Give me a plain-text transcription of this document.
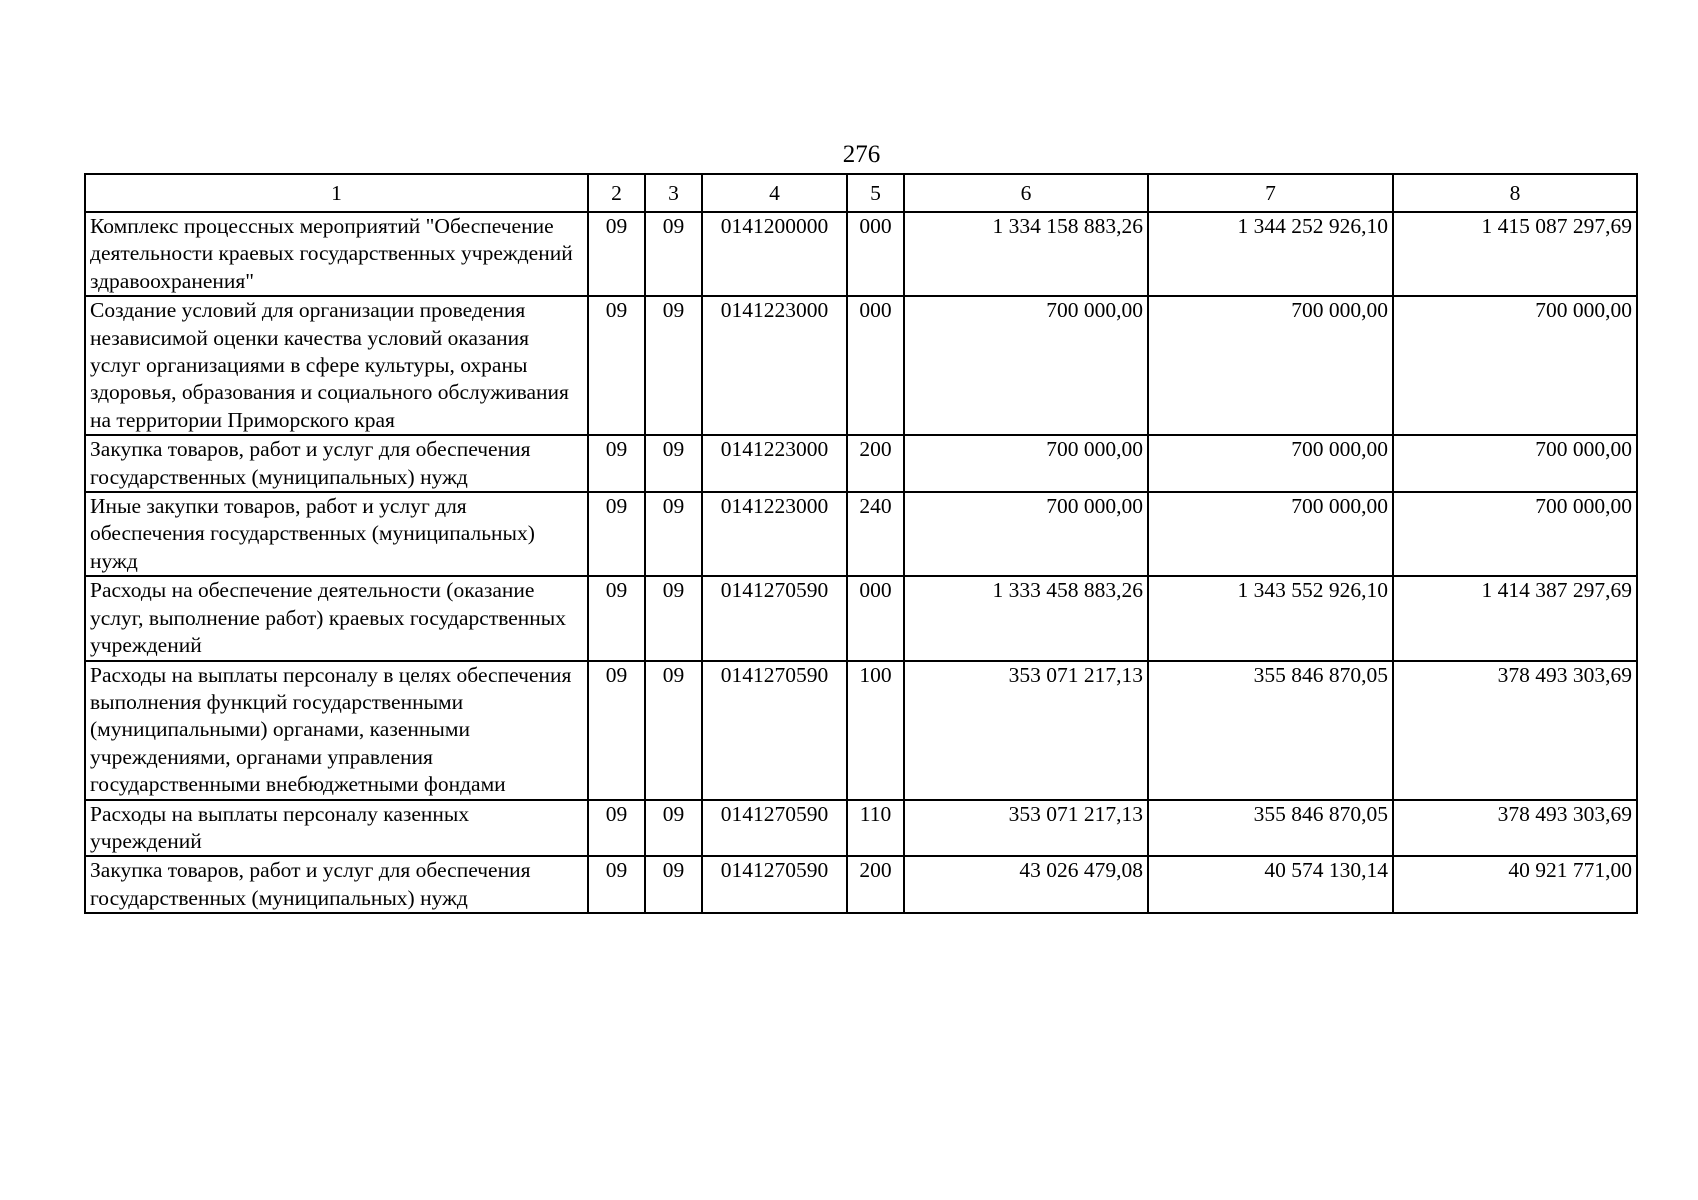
276
1	2	3	4	5	6	7	8
Комплекс процессных мероприятий "Обеспечение деятельности краевых государственных учреждений здравоохранения"	09	09	0141200000	000	1 334 158 883,26	1 344 252 926,10	1 415 087 297,69
Создание условий для организации проведения независимой оценки качества условий оказания услуг организациями в сфере культуры, охраны здоровья, образования и социального обслуживания на территории Приморского края	09	09	0141223000	000	700 000,00	700 000,00	700 000,00
Закупка товаров, работ и услуг для обеспечения государственных (муниципальных) нужд	09	09	0141223000	200	700 000,00	700 000,00	700 000,00
Иные закупки товаров, работ и услуг для обеспечения государственных (муниципальных) нужд	09	09	0141223000	240	700 000,00	700 000,00	700 000,00
Расходы на обеспечение деятельности (оказание услуг, выполнение работ) краевых государственных учреждений	09	09	0141270590	000	1 333 458 883,26	1 343 552 926,10	1 414 387 297,69
Расходы на выплаты персоналу в целях обеспечения выполнения функций государственными (муниципальными) органами, казенными учреждениями, органами управления государственными внебюджетными фондами	09	09	0141270590	100	353 071 217,13	355 846 870,05	378 493 303,69
Расходы на выплаты персоналу казенных учреждений	09	09	0141270590	110	353 071 217,13	355 846 870,05	378 493 303,69
Закупка товаров, работ и услуг для обеспечения государственных (муниципальных) нужд	09	09	0141270590	200	43 026 479,08	40 574 130,14	40 921 771,00
